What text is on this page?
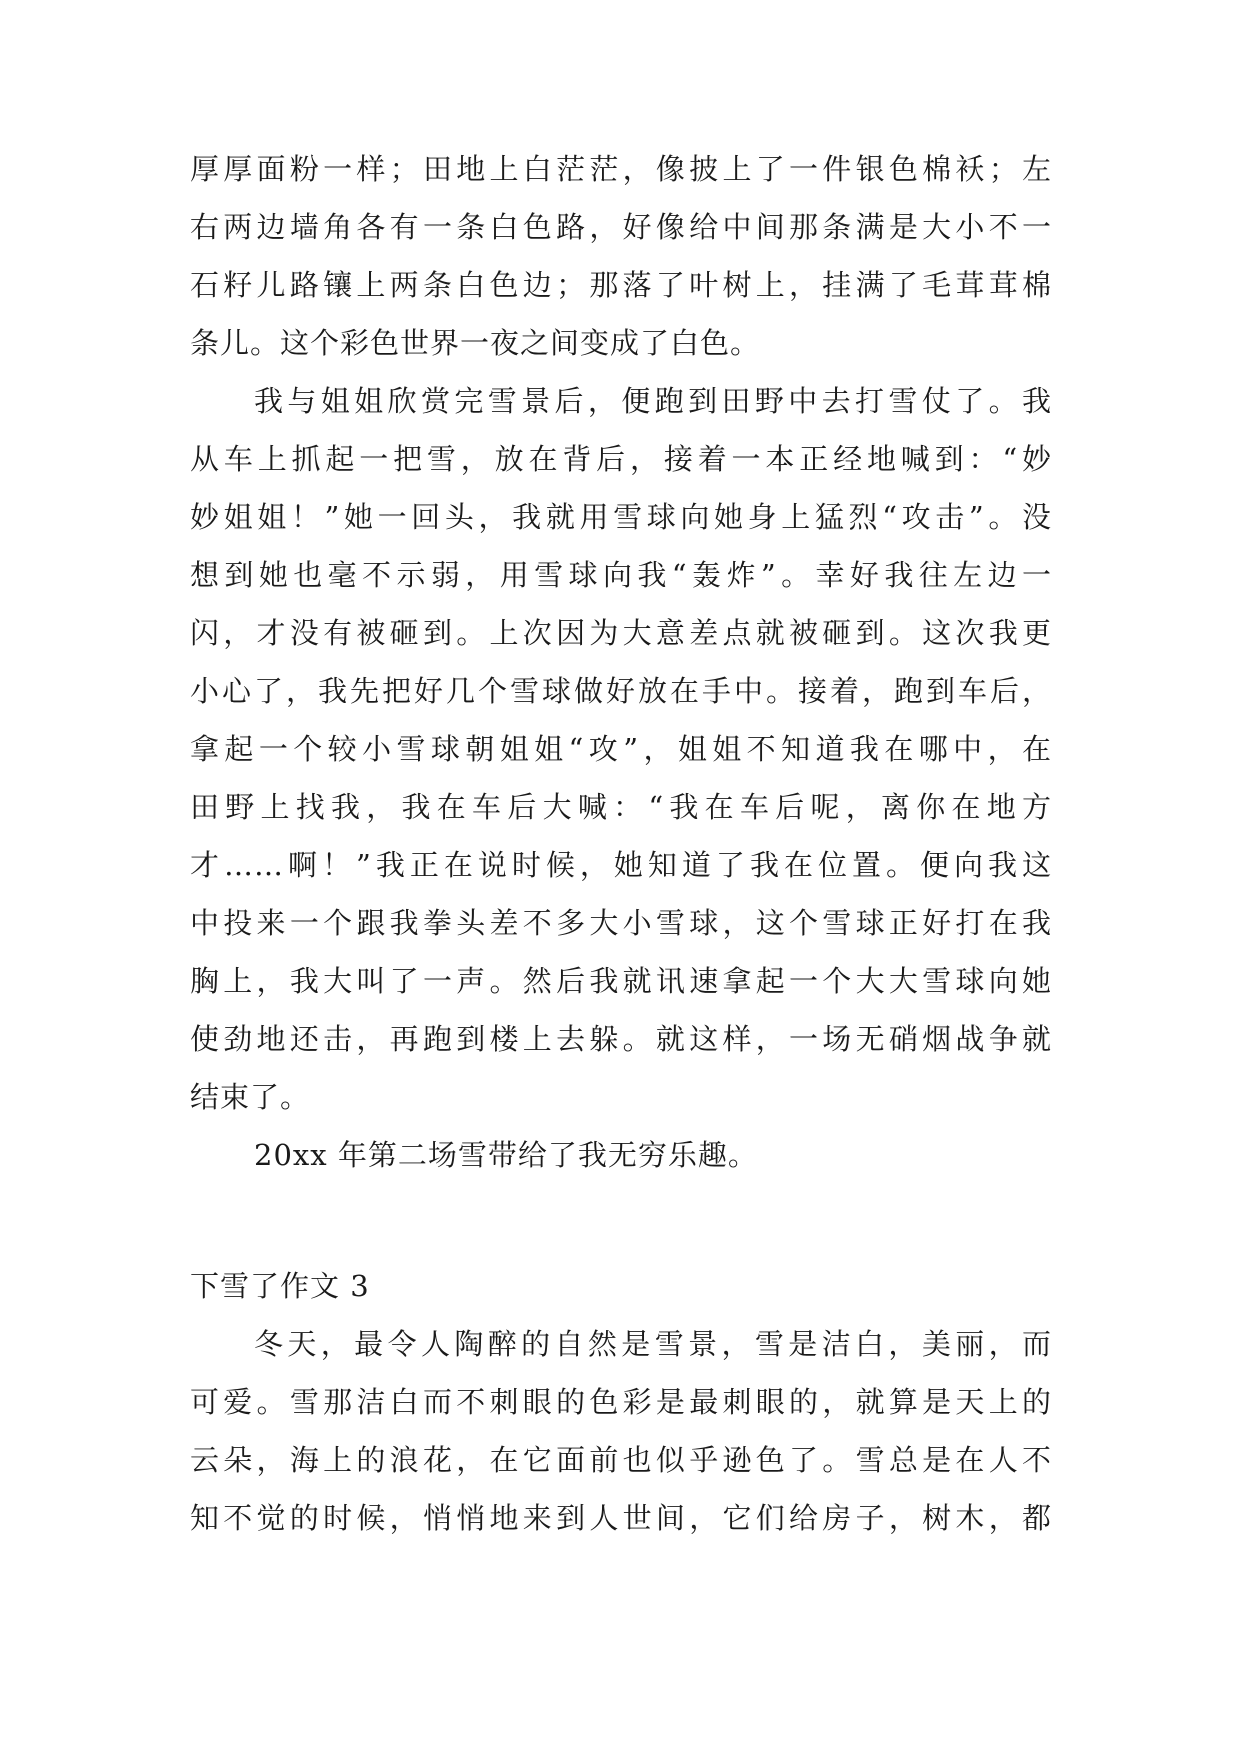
厚厚面粉一样；田地上白茫茫，像披上了一件银色棉袄；左
右两边墙角各有一条白色路，好像给中间那条满是大小不一
石籽儿路镶上两条白色边；那落了叶树上，挂满了毛茸茸棉
条儿。这个彩色世界一夜之间变成了白色。
我与姐姐欣赏完雪景后，便跑到田野中去打雪仗了。我
从车上抓起一把雪，放在背后，接着一本正经地喊到：“妙
妙姐姐！”她一回头，我就用雪球向她身上猛烈“攻击”。没
想到她也毫不示弱，用雪球向我“轰炸”。幸好我往左边一
闪，才没有被砸到。上次因为大意差点就被砸到。这次我更
小心了，我先把好几个雪球做好放在手中。接着，跑到车后，
拿起一个较小雪球朝姐姐“攻”，姐姐不知道我在哪中，在
田野上找我，我在车后大喊：“我在车后呢，离你在地方
才……啊！”我正在说时候，她知道了我在位置。便向我这
中投来一个跟我拳头差不多大小雪球，这个雪球正好打在我
胸上，我大叫了一声。然后我就讯速拿起一个大大雪球向她
使劲地还击，再跑到楼上去躲。就这样，一场无硝烟战争就
结束了。
20xx 年第二场雪带给了我无穷乐趣。
下雪了作文 3
冬天，最令人陶醉的自然是雪景，雪是洁白，美丽，而
可爱。雪那洁白而不刺眼的色彩是最刺眼的，就算是天上的
云朵，海上的浪花，在它面前也似乎逊色了。雪总是在人不
知不觉的时候，悄悄地来到人世间，它们给房子，树木，都
